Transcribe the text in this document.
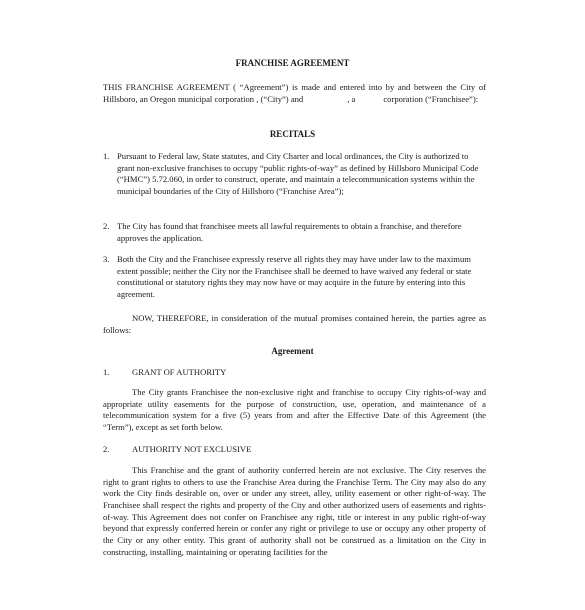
FRANCHISE AGREEMENT
THIS FRANCHISE AGREEMENT ( “Agreement”) is made and entered into by and between the City of Hillsboro, an Oregon municipal corporation , (“City”) and	, a	corporation (“Franchisee”):
RECITALS
1. Pursuant to Federal law, State statutes, and City Charter and local ordinances, the City is authorized to grant non-exclusive franchises to occupy “public rights-of-way” as defined by Hillsboro Municipal Code (“HMC”) 5.72.060, in order to construct, operate, and maintain a telecommunication systems within the municipal boundaries of the City of Hillsboro (“Franchise Area”);
2. The City has found that franchisee meets all lawful requirements to obtain a franchise, and therefore approves the application.
3. Both the City and the Franchisee expressly reserve all rights they may have under law to the maximum extent possible; neither the City nor the Franchisee shall be deemed to have waived any federal or state constitutional or statutory rights they may now have or may acquire in the future by entering into this agreement.
NOW, THEREFORE, in consideration of the mutual promises contained herein, the parties agree as follows:
Agreement
1.	GRANT OF AUTHORITY
The City grants Franchisee the non-exclusive right and franchise to occupy City rights-of-way and appropriate utility easements for the purpose of construction, use, operation, and maintenance of a telecommunication system for a five (5) years from and after the Effective Date of this Agreement (the “Term”), except as set forth below.
2.	AUTHORITY NOT EXCLUSIVE
This Franchise and the grant of authority conferred herein are not exclusive. The City reserves the right to grant rights to others to use the Franchise Area during the Franchise Term. The City may also do any work the City finds desirable on, over or under any street, alley, utility easement or other right-of-way. The Franchisee shall respect the rights and property of the City and other authorized users of easements and rights-of-way. This Agreement does not confer on Franchisee any right, title or interest in any public right-of-way beyond that expressly conferred herein or confer any right or privilege to use or occupy any other property of the City or any other entity. This grant of authority shall not be construed as a limitation on the City in constructing, installing, maintaining or operating facilities for the
